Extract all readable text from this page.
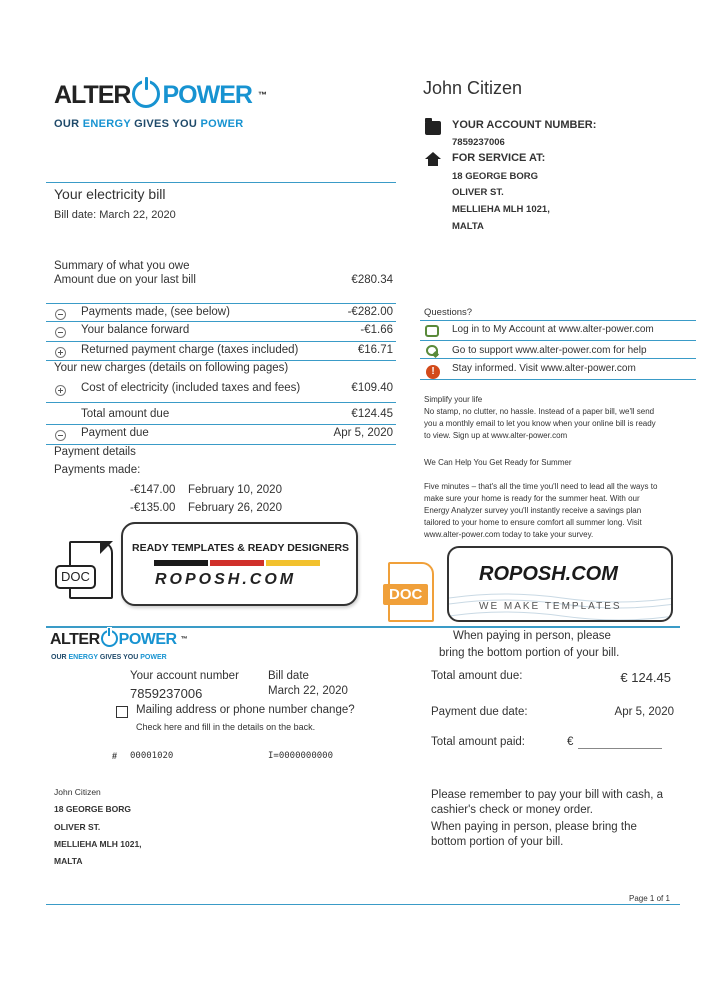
ALTER POWER ™
OUR ENERGY GIVES YOU POWER
John Citizen
YOUR ACCOUNT NUMBER:
7859237006
FOR SERVICE AT:
18 GEORGE BORG
OLIVER ST.
MELLIEHA MLH 1021,
MALTA
Your electricity bill
Bill date: March 22, 2020
Summary of what you owe
Amount due on your last bill	€280.34
Payments made, (see below)	-€282.00
Your balance forward	-€1.66
Returned payment charge (taxes included)	€16.71
Your new charges (details on following pages)
Cost of electricity (included taxes and fees)	€109.40
Total amount due	€124.45
Payment due	Apr 5, 2020
Payment details
Payments made:
-€147.00 February 10, 2020
-€135.00 February 26, 2020
Questions?
Log in to My Account at www.alter-power.com
Go to support www.alter-power.com for help
!	Stay informed. Visit www.alter-power.com
Simplify your life
No stamp, no clutter, no hassle. Instead of a paper bill, we'll send
you a monthly email to let you know when your online bill is ready
to view. Sign up at www.alter-power.com
We Can Help You Get Ready for Summer
Five minutes – that's all the time you'll need to lead all the ways to
make sure your home is ready for the summer heat. With our
Energy Analyzer survey you'll instantly receive a savings plan
tailored to your home to ensure comfort all summer long. Visit
www.alter-power.com today to take your survey.
DOC
READY TEMPLATES & READY DESIGNERS
ROPOSH.COM
DOC
ROPOSH.COM
WE MAKE TEMPLATES
ALTER POWER ™
OUR ENERGY GIVES YOU POWER
When paying in person, please
bring the bottom portion of your bill.
Your account number
7859237006
Bill date
March 22, 2020
Mailing address or phone number change?
Check here and fill in the details on the back.
# 00001020	I=0000000000
Total amount due:	€ 124.45
Payment due date:	Apr 5, 2020
Total amount paid:	€
John Citizen
18 GEORGE BORG
OLIVER ST.
MELLIEHA MLH 1021,
MALTA
Please remember to pay your bill with cash, a
cashier's check or money order.
When paying in person, please bring the
bottom portion of your bill.
Page 1 of 1
